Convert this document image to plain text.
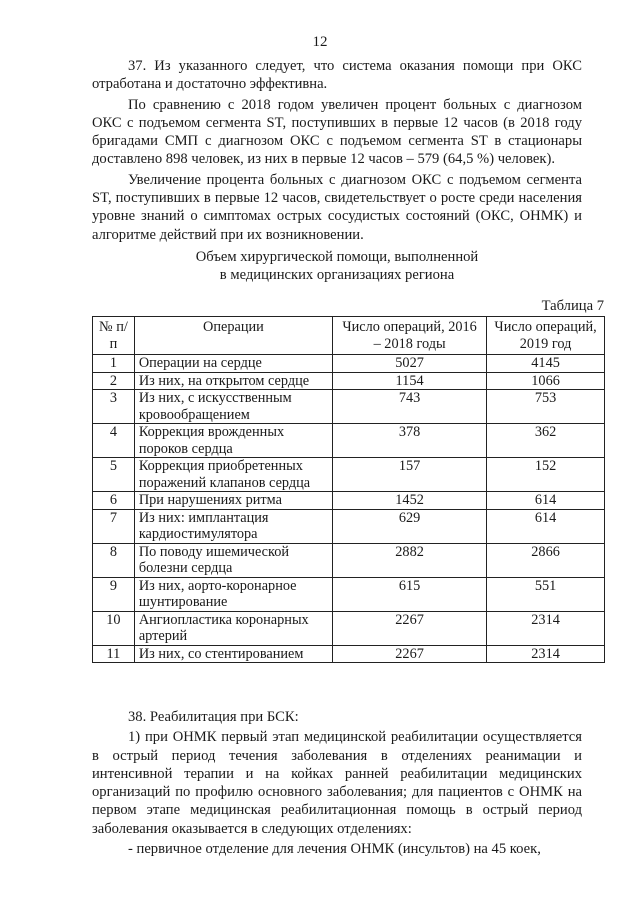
12

37. Из указанного следует, что система оказания помощи при ОКС отработана и достаточно эффективна.

По сравнению с 2018 годом увеличен процент больных с диагнозом ОКС с подъемом сегмента ST, поступивших в первые 12 часов (в 2018 году бригадами СМП с диагнозом ОКС с подъемом сегмента ST в стационары доставлено 898 человек, из них в первые 12 часов – 579 (64,5 %) человек).

Увеличение процента больных с диагнозом ОКС с подъемом сегмента ST, поступивших в первые 12 часов, свидетельствует о росте среди населения уровне знаний о симптомах острых сосудистых состояний (ОКС, ОНМК) и алгоритме действий при их возникновении.

Объем хирургической помощи, выполненной
в медицинских организациях региона
Таблица 7
№ п/п	Операции	Число операций, 2016 – 2018 годы	Число операций, 2019 год
1	Операции на сердце	5027	4145
2	Из них, на открытом сердце	1154	1066
3	Из них, с искусственным кровообращением	743	753
4	Коррекция врожденных пороков сердца	378	362
5	Коррекция приобретенных поражений клапанов сердца	157	152
6	При нарушениях ритма	1452	614
7	Из них: имплантация кардиостимулятора	629	614
8	По поводу ишемической болезни сердца	2882	2866
9	Из них, аорто-коронарное шунтирование	615	551
10	Ангиопластика коронарных артерий	2267	2314
11	Из них, со стентированием	2267	2314

38. Реабилитация при БСК:

1) при ОНМК первый этап медицинской реабилитации осуществляется в острый период течения заболевания в отделениях реанимации и интенсивной терапии и на койках ранней реабилитации медицинских организаций по профилю основного заболевания; для пациентов с ОНМК на первом этапе медицинская реабилитационная помощь в острый период заболевания оказывается в следующих отделениях:

- первичное отделение для лечения ОНМК (инсультов) на 45 коек,
